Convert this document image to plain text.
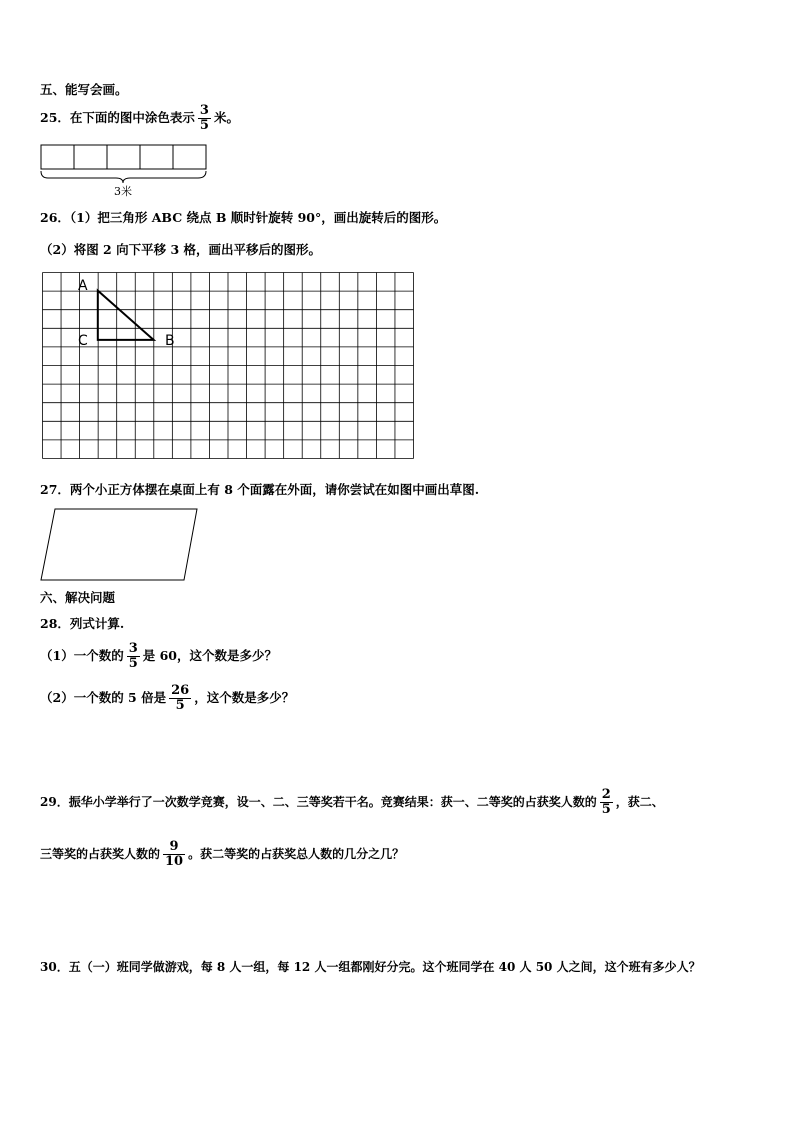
五、能写会画。
25．在下面的图中涂色表示 $\frac{3}{5}$ 米。
3米
26．（1）把三角形 ABC 绕点 B 顺时针旋转 90°，画出旋转后的图形。
（2）将图 2 向下平移 3 格，画出平移后的图形。
A
C	B
27．两个小正方体摆在桌面上有 8 个面露在外面，请你尝试在如图中画出草图.
六、解决问题
28．列式计算.
（1）一个数的 $\frac{3}{5}$ 是 60，这个数是多少？
（2）一个数的 5 倍是 $\frac{26}{5}$ ，这个数是多少？
29．振华小学举行了一次数学竞赛，设一、二、三等奖若干名。竞赛结果：获一、二等奖的占获奖人数的 $\frac{2}{5}$ ，获二、
三等奖的占获奖人数的 $\frac{9}{10}$ 。获二等奖的占获奖总人数的几分之几？
30．五（一）班同学做游戏，每 8 人一组，每 12 人一组都刚好分完。这个班同学在 40 人 50 人之间，这个班有多少人？
